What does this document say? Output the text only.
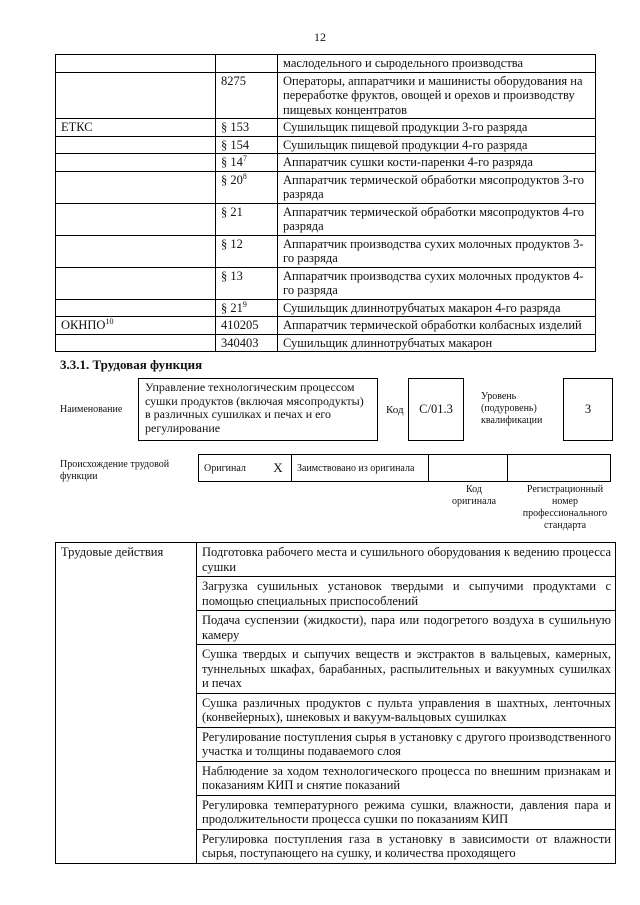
12
		маслодельного и сыродельного производства
	8275	Операторы, аппаратчики и машинисты оборудования на переработке фруктов, овощей и орехов и производству пищевых концентратов
ЕТКС	§ 153	Сушильщик пищевой продукции 3-го разряда
	§ 154	Сушильщик пищевой продукции 4-го разряда
	§ $14^7$	Аппаратчик сушки кости-паренки 4-го разряда
	§ $20^8$	Аппаратчик термической обработки мясопродуктов 3-го разряда
	§ 21	Аппаратчик термической обработки мясопродуктов 4-го разряда
	§ 12	Аппаратчик производства сухих молочных продуктов 3-го разряда
	§ 13	Аппаратчик производства сухих молочных продуктов 4-го разряда
	§ $21^9$	Сушильщик длиннотрубчатых макарон 4-го разряда
ОКНПО$^{10}$	410205	Аппаратчик термической обработки колбасных изделий
	340403	Сушильщик длиннотрубчатых макарон
3.3.1. Трудовая функция
Наименование
Управление технологическим процессом сушки продуктов (включая мясопродукты) в различных сушилках и печах и его регулирование
Код	С/01.3
Уровень (подуровень) квалификации
3
Происхождение трудовой функции
Оригинал	X	Заимствовано из оригинала		
Код оригинала
Регистрационный номер профессионального стандарта
Трудовые действия	Подготовка рабочего места и сушильного оборудования к ведению процесса сушки
Загрузка сушильных установок твердыми и сыпучими продуктами с помощью специальных приспособлений
Подача суспензии (жидкости), пара или подогретого воздуха в сушильную камеру
Сушка твердых и сыпучих веществ и экстрактов в вальцевых, камерных, туннельных шкафах, барабанных, распылительных и вакуумных сушилках и печах
Сушка различных продуктов с пульта управления в шахтных, ленточных (конвейерных), шнековых и вакуум-вальцовых сушилках
Регулирование поступления сырья в установку с другого производственного участка и толщины подаваемого слоя
Наблюдение за ходом технологического процесса по внешним признакам и показаниям КИП и снятие показаний
Регулировка температурного режима сушки, влажности, давления пара и продолжительности процесса сушки по показаниям КИП
Регулировка поступления газа в установку в зависимости от влажности сырья, поступающего на сушку, и количества проходящего
